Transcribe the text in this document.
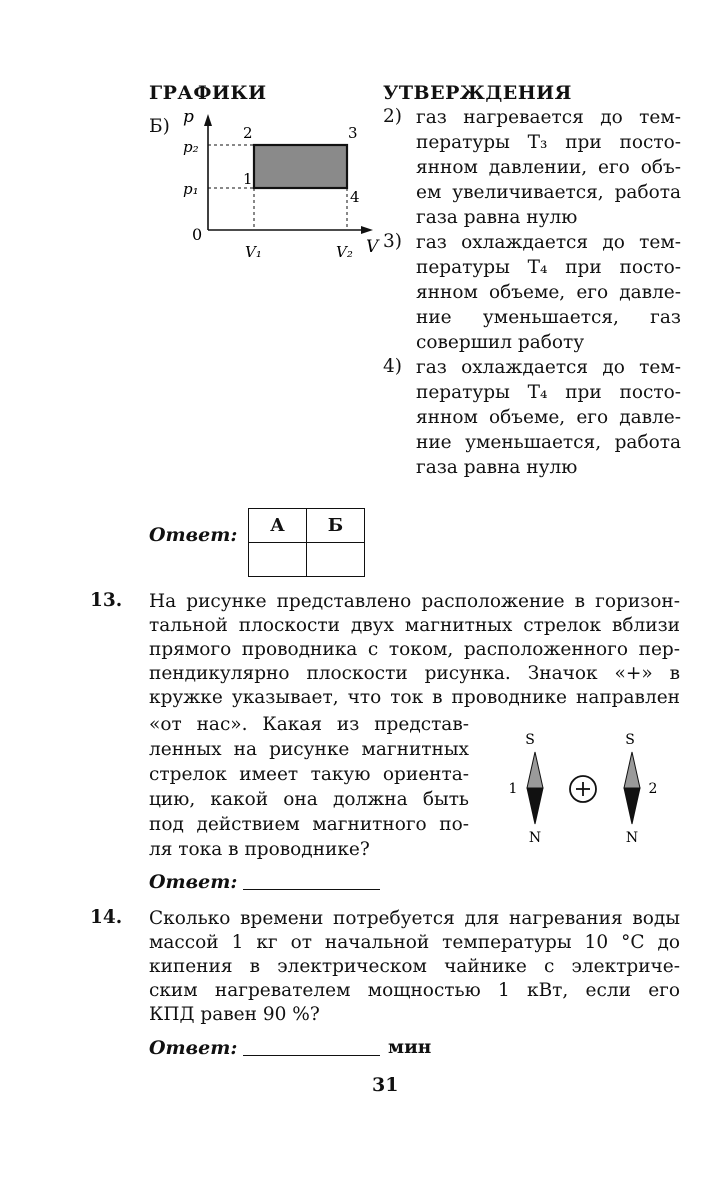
ГРАФИКИ	УТВЕРЖДЕНИЯ
Б) p
p₂
p₁
0
V₁	V₂ V
1
2	3
4
2) газ нагревается до тем-
пературы T₃ при посто-
янном давлении, его объ-
ем увеличивается, работа
газа равна нулю
3) газ охлаждается до тем-
пературы T₄ при посто-
янном объеме, его давле-
ние уменьшается, газ
совершил работу
4) газ охлаждается до тем-
пературы T₄ при посто-
янном объеме, его давле-
ние уменьшается, работа
газа равна нулю
Ответ: А	Б

13. На рисунке представлено расположение в горизон-
тальной плоскости двух магнитных стрелок вблизи
прямого проводника с током, расположенного пер-
пендикулярно плоскости рисунка. Значок «+» в
кружке указывает, что ток в проводнике направлен
«от нас». Какая из представ-
ленных на рисунке магнитных
стрелок имеет такую ориента-
цию, какой она должна быть
под действием магнитного по-
ля тока в проводнике?
S
N
1
S
N
2
Ответ:
14. Сколько времени потребуется для нагревания воды
массой 1 кг от начальной температуры 10 °С до
кипения в электрическом чайнике с электриче-
ским нагревателем мощностью 1 кВт, если его
КПД равен 90 %?
Ответ:	мин
31
